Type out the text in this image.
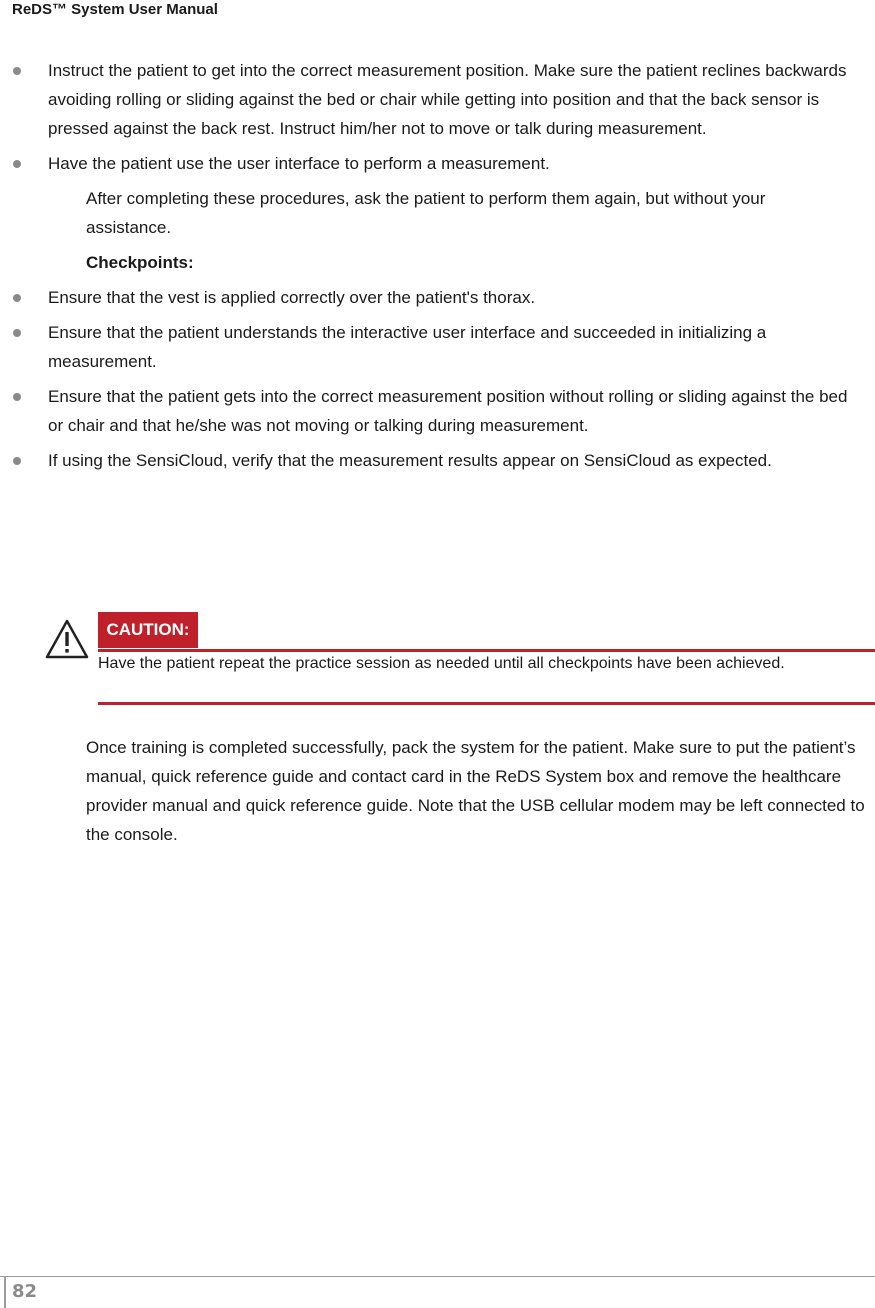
ReDS™ System User Manual
Instruct the patient to get into the correct measurement position. Make sure the patient reclines backwards avoiding rolling or sliding against the bed or chair while getting into position and that the back sensor is pressed against the back rest. Instruct him/her not to move or talk during measurement.
Have the patient use the user interface to perform a measurement.
After completing these procedures, ask the patient to perform them again, but without your assistance.
Checkpoints:
Ensure that the vest is applied correctly over the patient's thorax.
Ensure that the patient understands the interactive user interface and succeeded in initializing a measurement.
Ensure that the patient gets into the correct measurement position without rolling or sliding against the bed or chair and that he/she was not moving or talking during measurement.
If using the SensiCloud, verify that the measurement results appear on SensiCloud as expected.
CAUTION:
Have the patient repeat the practice session as needed until all checkpoints have been achieved.
Once training is completed successfully, pack the system for the patient. Make sure to put the patient’s manual, quick reference guide and contact card in the ReDS System box and remove the healthcare provider manual and quick reference guide. Note that the USB cellular modem may be left connected to the console.
82
